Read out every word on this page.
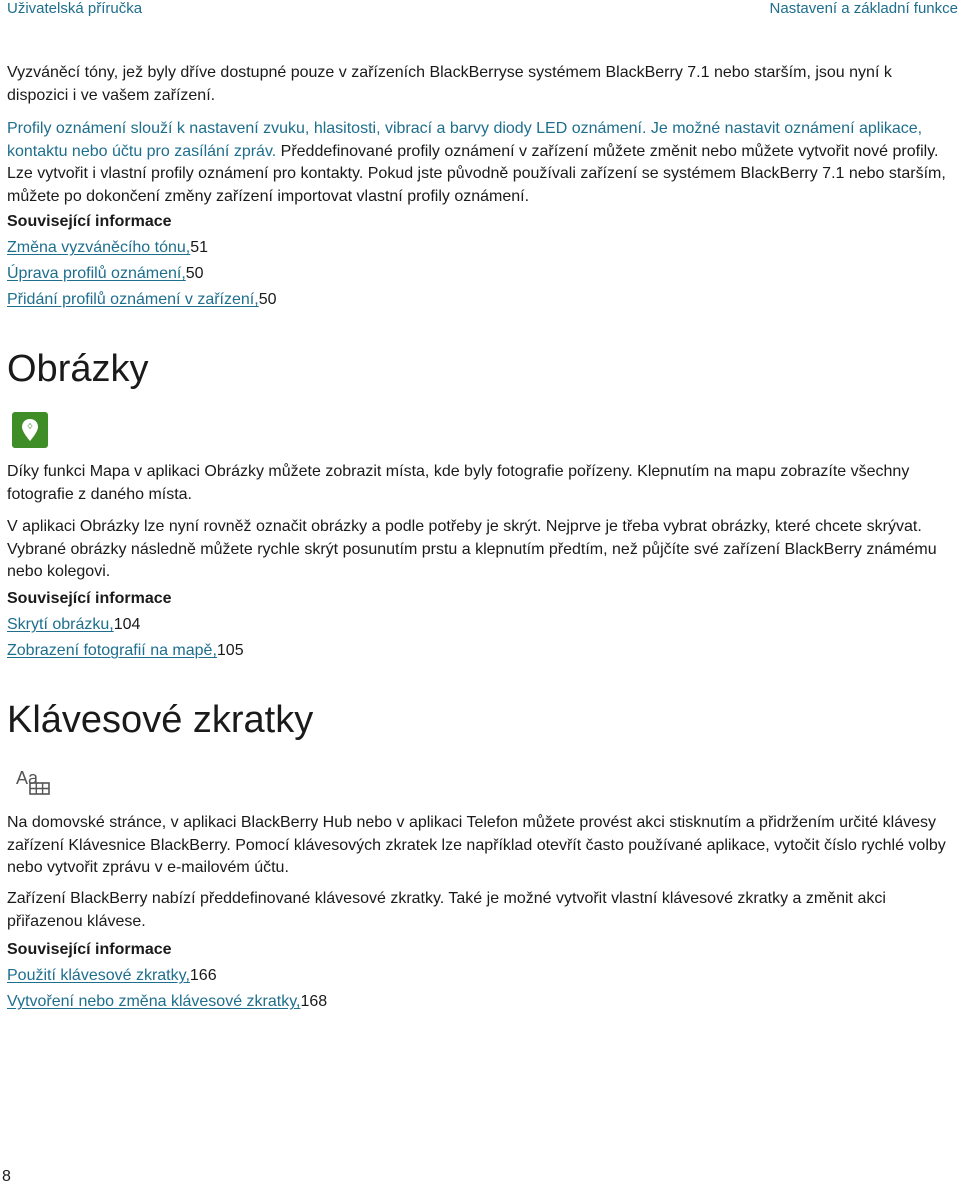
Uživatelská příručka	Nastavení a základní funkce

Vyzváněcí tóny, jež byly dříve dostupné pouze v zařízeních BlackBerryse systémem BlackBerry 7.1 nebo starším, jsou nyní k dispozici i ve vašem zařízení.

Profily oznámení slouží k nastavení zvuku, hlasitosti, vibrací a barvy diody LED oznámení. Je možné nastavit oznámení aplikace, kontaktu nebo účtu pro zasílání zpráv. Předdefinované profily oznámení v zařízení můžete změnit nebo můžete vytvořit nové profily. Lze vytvořit i vlastní profily oznámení pro kontakty. Pokud jste původně používali zařízení se systémem BlackBerry 7.1 nebo starším, můžete po dokončení změny zařízení importovat vlastní profily oznámení.

Související informace
Změna vyzváněcího tónu,51
Úprava profilů oznámení,50
Přidání profilů oznámení v zařízení,50
Obrázky

Díky funkci Mapa v aplikaci Obrázky můžete zobrazit místa, kde byly fotografie pořízeny. Klepnutím na mapu zobrazíte všechny fotografie z daného místa.

V aplikaci Obrázky lze nyní rovněž označit obrázky a podle potřeby je skrýt. Nejprve je třeba vybrat obrázky, které chcete skrývat. Vybrané obrázky následně můžete rychle skrýt posunutím prstu a klepnutím předtím, než půjčíte své zařízení BlackBerry známému nebo kolegovi.

Související informace
Skrytí obrázku,104
Zobrazení fotografií na mapě,105
Klávesové zkratky
Aa

Na domovské stránce, v aplikaci BlackBerry Hub nebo v aplikaci Telefon můžete provést akci stisknutím a přidržením určité klávesy zařízení Klávesnice BlackBerry. Pomocí klávesových zkratek lze například otevřít často používané aplikace, vytočit číslo rychlé volby nebo vytvořit zprávu v e-mailovém účtu.

Zařízení BlackBerry nabízí předdefinované klávesové zkratky. Také je možné vytvořit vlastní klávesové zkratky a změnit akci přiřazenou klávese.

Související informace
Použití klávesové zkratky,166
Vytvoření nebo změna klávesové zkratky,168
8
